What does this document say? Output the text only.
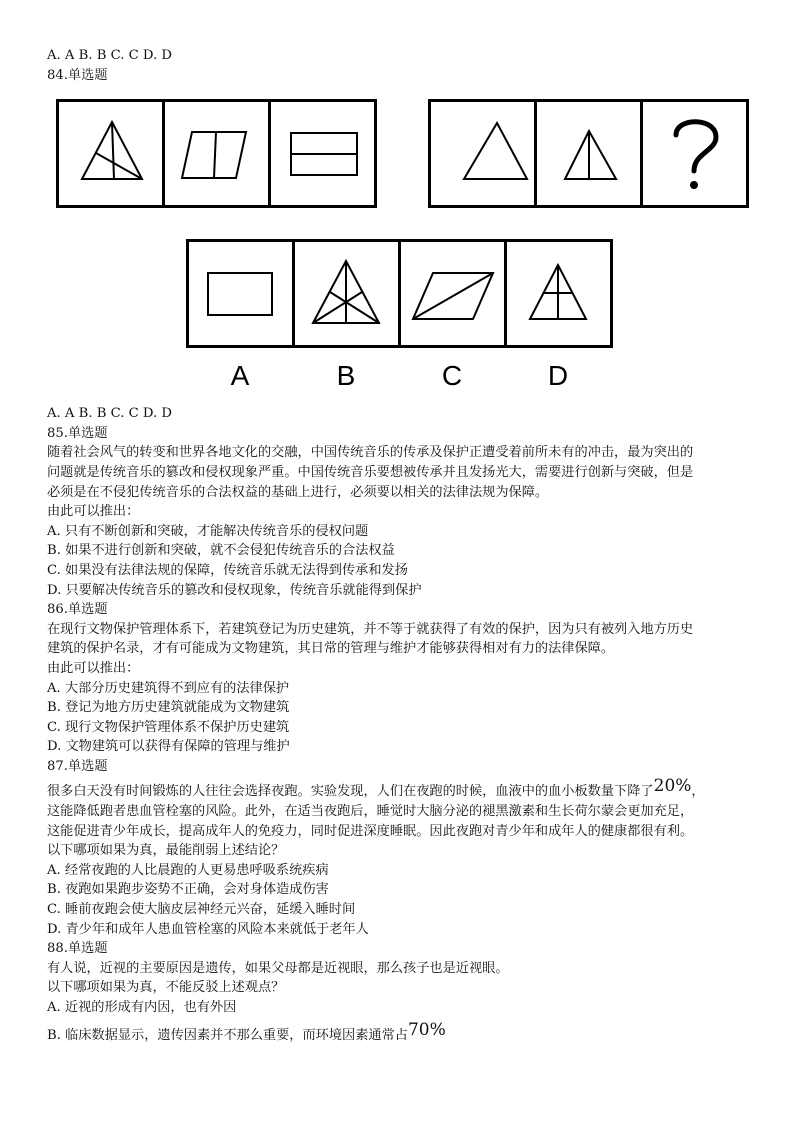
A. A B. B C. C D. D
84.单选题
A	B	C	D
A. A B. B C. C D. D
85.单选题
随着社会风气的转变和世界各地文化的交融，中国传统音乐的传承及保护正遭受着前所未有的冲击，最为突出的
问题就是传统音乐的篡改和侵权现象严重。中国传统音乐要想被传承并且发扬光大，需要进行创新与突破，但是
必须是在不侵犯传统音乐的合法权益的基础上进行，必须要以相关的法律法规为保障。
由此可以推出：
A. 只有不断创新和突破，才能解决传统音乐的侵权问题
B. 如果不进行创新和突破，就不会侵犯传统音乐的合法权益
C. 如果没有法律法规的保障，传统音乐就无法得到传承和发扬
D. 只要解决传统音乐的篡改和侵权现象，传统音乐就能得到保护
86.单选题
在现行文物保护管理体系下，若建筑登记为历史建筑，并不等于就获得了有效的保护，因为只有被列入地方历史
建筑的保护名录，才有可能成为文物建筑，其日常的管理与维护才能够获得相对有力的法律保障。
由此可以推出：
A. 大部分历史建筑得不到应有的法律保护
B. 登记为地方历史建筑就能成为文物建筑
C. 现行文物保护管理体系不保护历史建筑
D. 文物建筑可以获得有保障的管理与维护
87.单选题
很多白天没有时间锻炼的人往往会选择夜跑。实验发现，人们在夜跑的时候，血液中的血小板数量下降了20%，
这能降低跑者患血管栓塞的风险。此外，在适当夜跑后，睡觉时大脑分泌的褪黑激素和生长荷尔蒙会更加充足，
这能促进青少年成长，提高成年人的免疫力，同时促进深度睡眠。因此夜跑对青少年和成年人的健康都很有利。
以下哪项如果为真，最能削弱上述结论？
A. 经常夜跑的人比晨跑的人更易患呼吸系统疾病
B. 夜跑如果跑步姿势不正确，会对身体造成伤害
C. 睡前夜跑会使大脑皮层神经元兴奋，延缓入睡时间
D. 青少年和成年人患血管栓塞的风险本来就低于老年人
88.单选题
有人说，近视的主要原因是遗传，如果父母都是近视眼，那么孩子也是近视眼。
以下哪项如果为真，不能反驳上述观点？
A. 近视的形成有内因，也有外因
B. 临床数据显示，遗传因素并不那么重要，而环境因素通常占70%
